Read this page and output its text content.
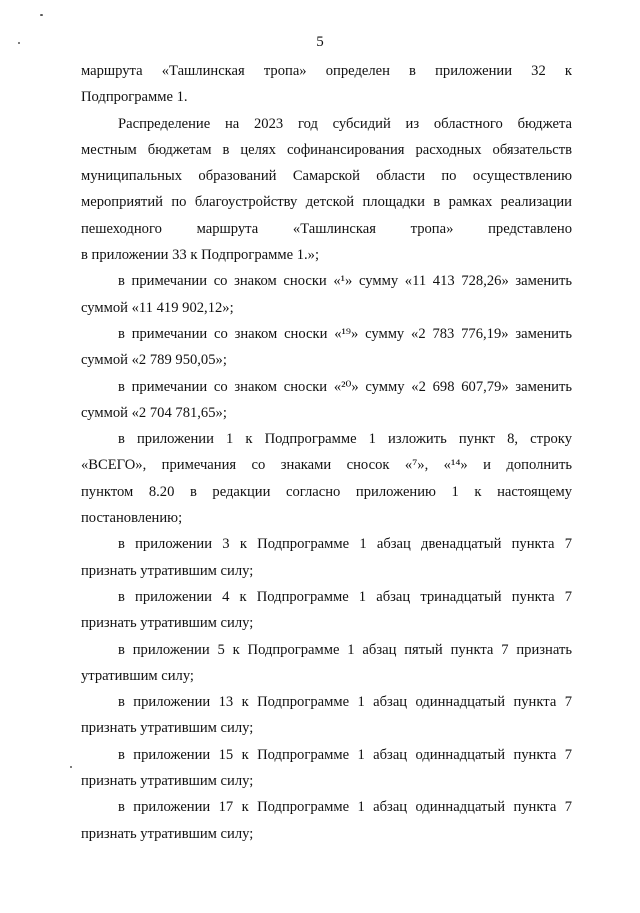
5
маршрута «Ташлинская тропа» определен в приложении 32 к
Подпрограмме 1.
Распределение на 2023 год субсидий из областного бюджета
местным бюджетам в целях софинансирования расходных обязательств
муниципальных образований Самарской области по осуществлению
мероприятий по благоустройству детской площадки в рамках реализации
пешеходного маршрута «Ташлинская тропа» представлено
в приложении 33 к Подпрограмме 1.»;
в примечании со знаком сноски «¹» сумму «11 413 728,26» заменить
суммой «11 419 902,12»;
в примечании со знаком сноски «¹⁹» сумму «2 783 776,19» заменить
суммой «2 789 950,05»;
в примечании со знаком сноски «²⁰» сумму «2 698 607,79» заменить
суммой «2 704 781,65»;
в приложении 1 к Подпрограмме 1 изложить пункт 8, строку
«ВСЕГО», примечания со знаками сносок «⁷», «¹⁴» и дополнить
пунктом 8.20 в редакции согласно приложению 1 к настоящему
постановлению;
в приложении 3 к Подпрограмме 1 абзац двенадцатый пункта 7
признать утратившим силу;
в приложении 4 к Подпрограмме 1 абзац тринадцатый пункта 7
признать утратившим силу;
в приложении 5 к Подпрограмме 1 абзац пятый пункта 7 признать
утратившим силу;
в приложении 13 к Подпрограмме 1 абзац одиннадцатый пункта 7
признать утратившим силу;
в приложении 15 к Подпрограмме 1 абзац одиннадцатый пункта 7
признать утратившим силу;
в приложении 17 к Подпрограмме 1 абзац одиннадцатый пункта 7
признать утратившим силу;
